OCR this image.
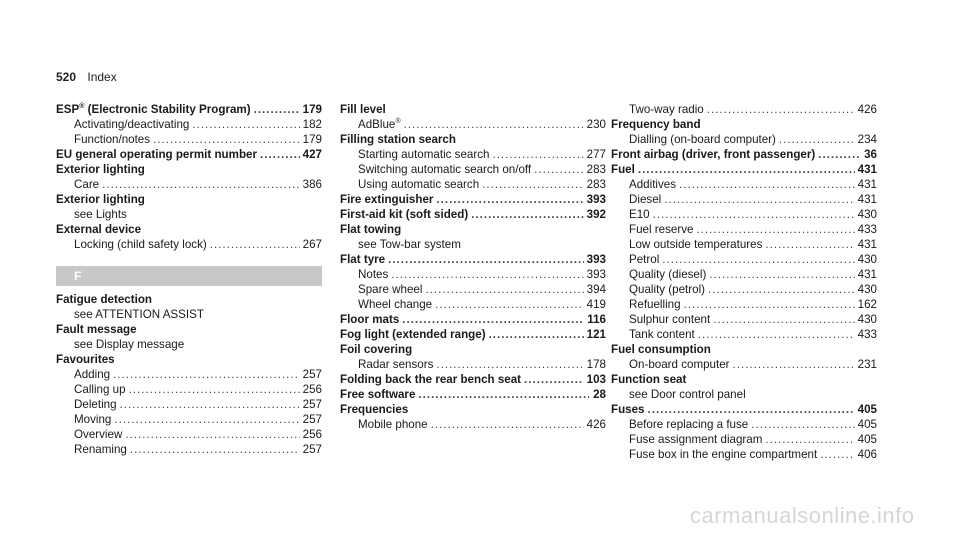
520 Index
ESP® (Electronic Stability Program) .....	179
Activating/deactivating .....	182
Function/notes .....	179
EU general operating permit number .....	427
Exterior lighting
Care .....	386
Exterior lighting
see Lights
External device
Locking (child safety lock) .....	267
F
Fatigue detection
see ATTENTION ASSIST
Fault message
see Display message
Favourites
Adding .....	257
Calling up .....	256
Deleting .....	257
Moving .....	257
Overview .....	256
Renaming .....	257
Fill level
AdBlue® .....	230
Filling station search
Starting automatic search .....	277
Switching automatic search on/off .....	283
Using automatic search .....	283
Fire extinguisher .....	393
First-aid kit (soft sided) .....	392
Flat towing
see Tow-bar system
Flat tyre .....	393
Notes .....	393
Spare wheel .....	394
Wheel change .....	419
Floor mats .....	116
Fog light (extended range) .....	121
Foil covering
Radar sensors .....	178
Folding back the rear bench seat .....	103
Free software .....	28
Frequencies
Mobile phone .....	426
Two-way radio .....	426
Frequency band
Dialling (on-board computer) .....	234
Front airbag (driver, front passenger) .....	36
Fuel .....	431
Additives .....	431
Diesel .....	431
E10 .....	430
Fuel reserve .....	433
Low outside temperatures .....	431
Petrol .....	430
Quality (diesel) .....	431
Quality (petrol) .....	430
Refuelling .....	162
Sulphur content .....	430
Tank content .....	433
Fuel consumption
On-board computer .....	231
Function seat
see Door control panel
Fuses .....	405
Before replacing a fuse .....	405
Fuse assignment diagram .....	405
Fuse box in the engine compartment .....	406
carmanualsonline.info
